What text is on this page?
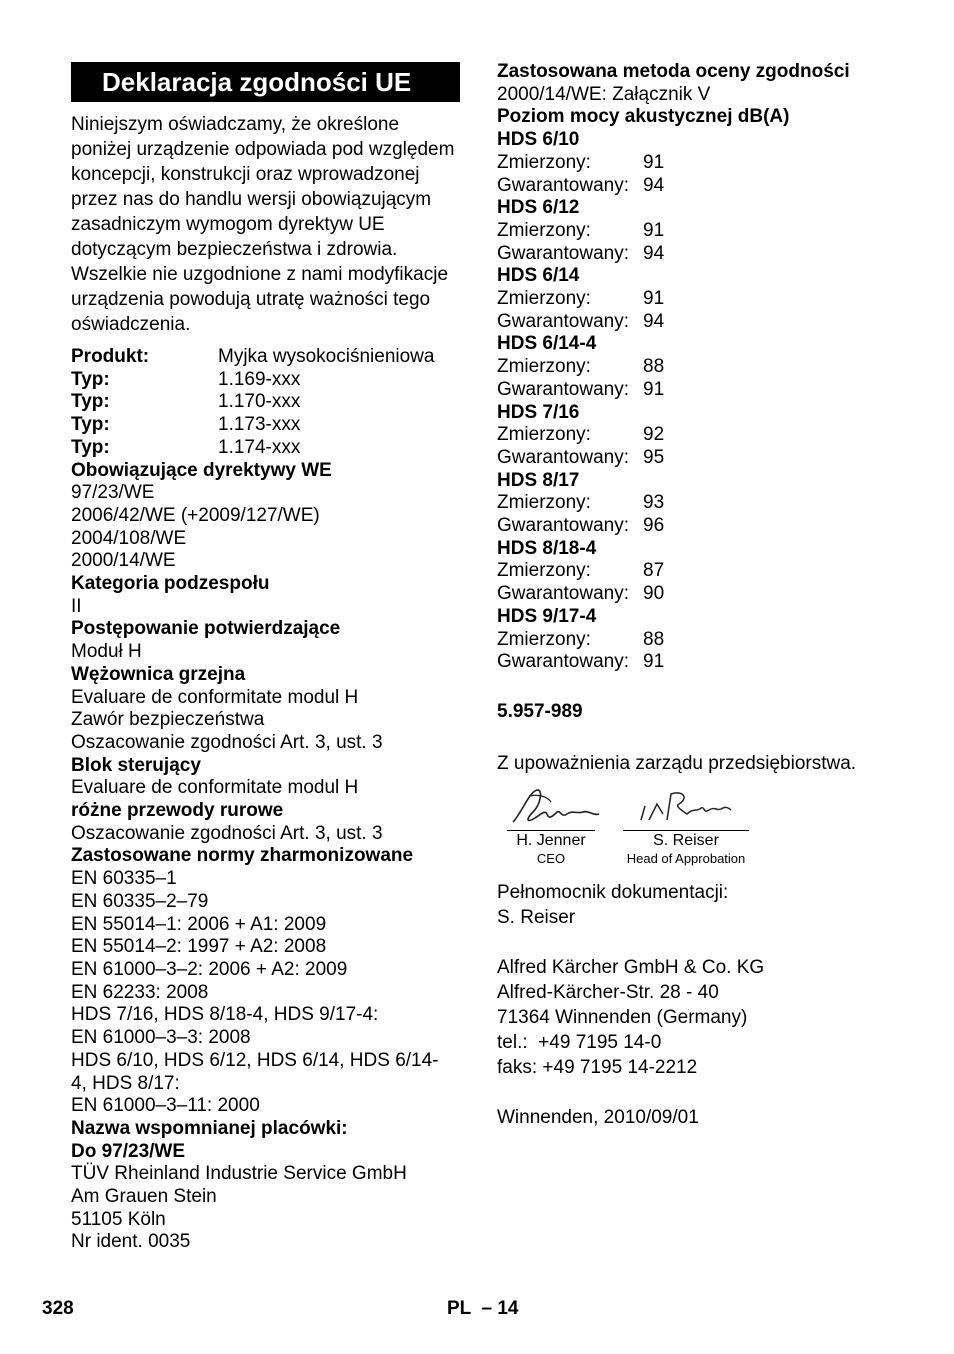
Deklaracja zgodności UE

Niniejszym oświadczamy, że określone poniżej urządzenie odpowiada pod względem koncepcji, konstrukcji oraz wprowadzonej przez nas do handlu wersji obowiązującym zasadniczym wymogom dyrektyw UE dotyczącym bezpieczeństwa i zdrowia. Wszelkie nie uzgodnione z nami modyfikacje urządzenia powodują utratę ważności tego oświadczenia.

Produkt:	Myjka wysokociśnieniowa
Typ:	1.169-xxx
Typ:	1.170-xxx
Typ:	1.173-xxx
Typ:	1.174-xxx
Obowiązujące dyrektywy WE
97/23/WE
2006/42/WE (+2009/127/WE)
2004/108/WE
2000/14/WE
Kategoria podzespołu
II
Postępowanie potwierdzające
Moduł H
Wężownica grzejna
Evaluare de conformitate modul H
Zawór bezpieczeństwa
Oszacowanie zgodności Art. 3, ust. 3
Blok sterujący
Evaluare de conformitate modul H
różne przewody rurowe
Oszacowanie zgodności Art. 3, ust. 3
Zastosowane normy zharmonizowane
EN 60335–1
EN 60335–2–79
EN 55014–1: 2006 + A1: 2009
EN 55014–2: 1997 + A2: 2008
EN 61000–3–2: 2006 + A2: 2009
EN 62233: 2008
HDS 7/16, HDS 8/18-4, HDS 9/17-4:
EN 61000–3–3: 2008
HDS 6/10, HDS 6/12, HDS 6/14, HDS 6/14-
4, HDS 8/17:
EN 61000–3–11: 2000
Nazwa wspomnianej placówki:
Do 97/23/WE
TÜV Rheinland Industrie Service GmbH
Am Grauen Stein
51105 Köln
Nr ident. 0035
Zastosowana metoda oceny zgodności
2000/14/WE: Załącznik V
Poziom mocy akustycznej dB(A)
HDS 6/10
Zmierzony:	91
Gwarantowany: 94
HDS 6/12
Zmierzony:	91
Gwarantowany: 94
HDS 6/14
Zmierzony:	91
Gwarantowany: 94
HDS 6/14-4
Zmierzony:	88
Gwarantowany: 91
HDS 7/16
Zmierzony:	92
Gwarantowany: 95
HDS 8/17
Zmierzony:	93
Gwarantowany: 96
HDS 8/18-4
Zmierzony:	87
Gwarantowany: 90
HDS 9/17-4
Zmierzony:	88
Gwarantowany: 91
5.957-989
Z upoważnienia zarządu przedsiębiorstwa.
H. Jenner
CEO
S. Reiser
Head of Approbation
Pełnomocnik dokumentacji:
S. Reiser
Alfred Kärcher GmbH & Co. KG
Alfred-Kärcher-Str. 28 - 40
71364 Winnenden (Germany)
tel.:  +49 7195 14-0
faks: +49 7195 14-2212
Winnenden, 2010/09/01
328	PL  – 14
